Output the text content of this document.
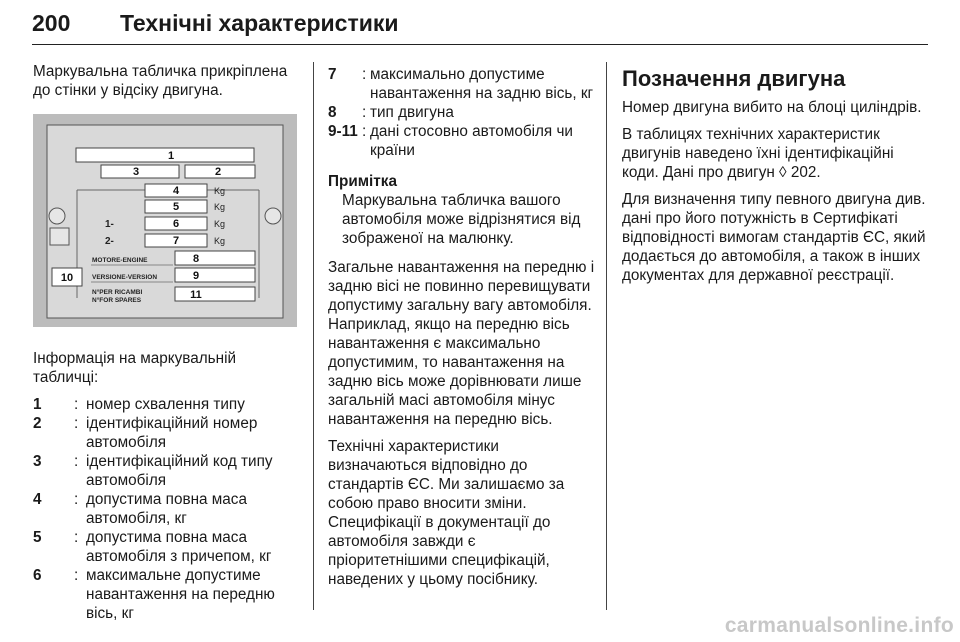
200 Технічні характеристики

Маркувальна табличка прикріплена до стінки у відсіку двигуна.

1
3	2
4
5
6
7
8
9
11
10
Kg
Kg
Kg
Kg
1-
2-
MOTORE-ENGINE
VERSIONE-VERSION
N°PER RICAMBI
N°FOR SPARES

Інформація на маркувальній табличці:

1 : номер схвалення типу
2 : ідентифікаційний номер автомобіля
3 : ідентифікаційний код типу автомобіля
4 : допустима повна маса автомобіля, кг
5 : допустима повна маса автомобіля з причепом, кг
6 : максимальне допустиме навантаження на передню вісь, кг
7 : максимально допустиме навантаження на задню вісь, кг
8 : тип двигуна
9-11 : дані стосовно автомобіля чи країни
Примітка
Маркувальна табличка вашого автомобіля може відрізнятися від зображеної на малюнку.

Загальне навантаження на передню і задню вісі не повинно перевищувати допустиму загальну вагу автомобіля. Наприклад, якщо на передню вісь навантаження є максимально допустимим, то навантаження на задню вісь може дорівнювати лише загальній масі автомобіля мінус навантаження на передню вісь.

Технічні характеристики визначаються відповідно до стандартів ЄС. Ми залишаємо за собою право вносити зміни. Специфікації в документації до автомобіля завжди є пріоритетнішими специфікацій, наведених у цьому посібнику.

Позначення двигуна

Номер двигуна вибито на блоці циліндрів.

В таблицях технічних характеристик двигунів наведено їхні ідентифікаційні коди. Дані про двигун ◊ 202.

Для визначення типу певного двигуна див. дані про його потужність в Сертифікаті відповідності вимогам стандартів ЄС, який додається до автомобіля, а також в інших документах для державної реєстрації.

carmanualsonline.info
